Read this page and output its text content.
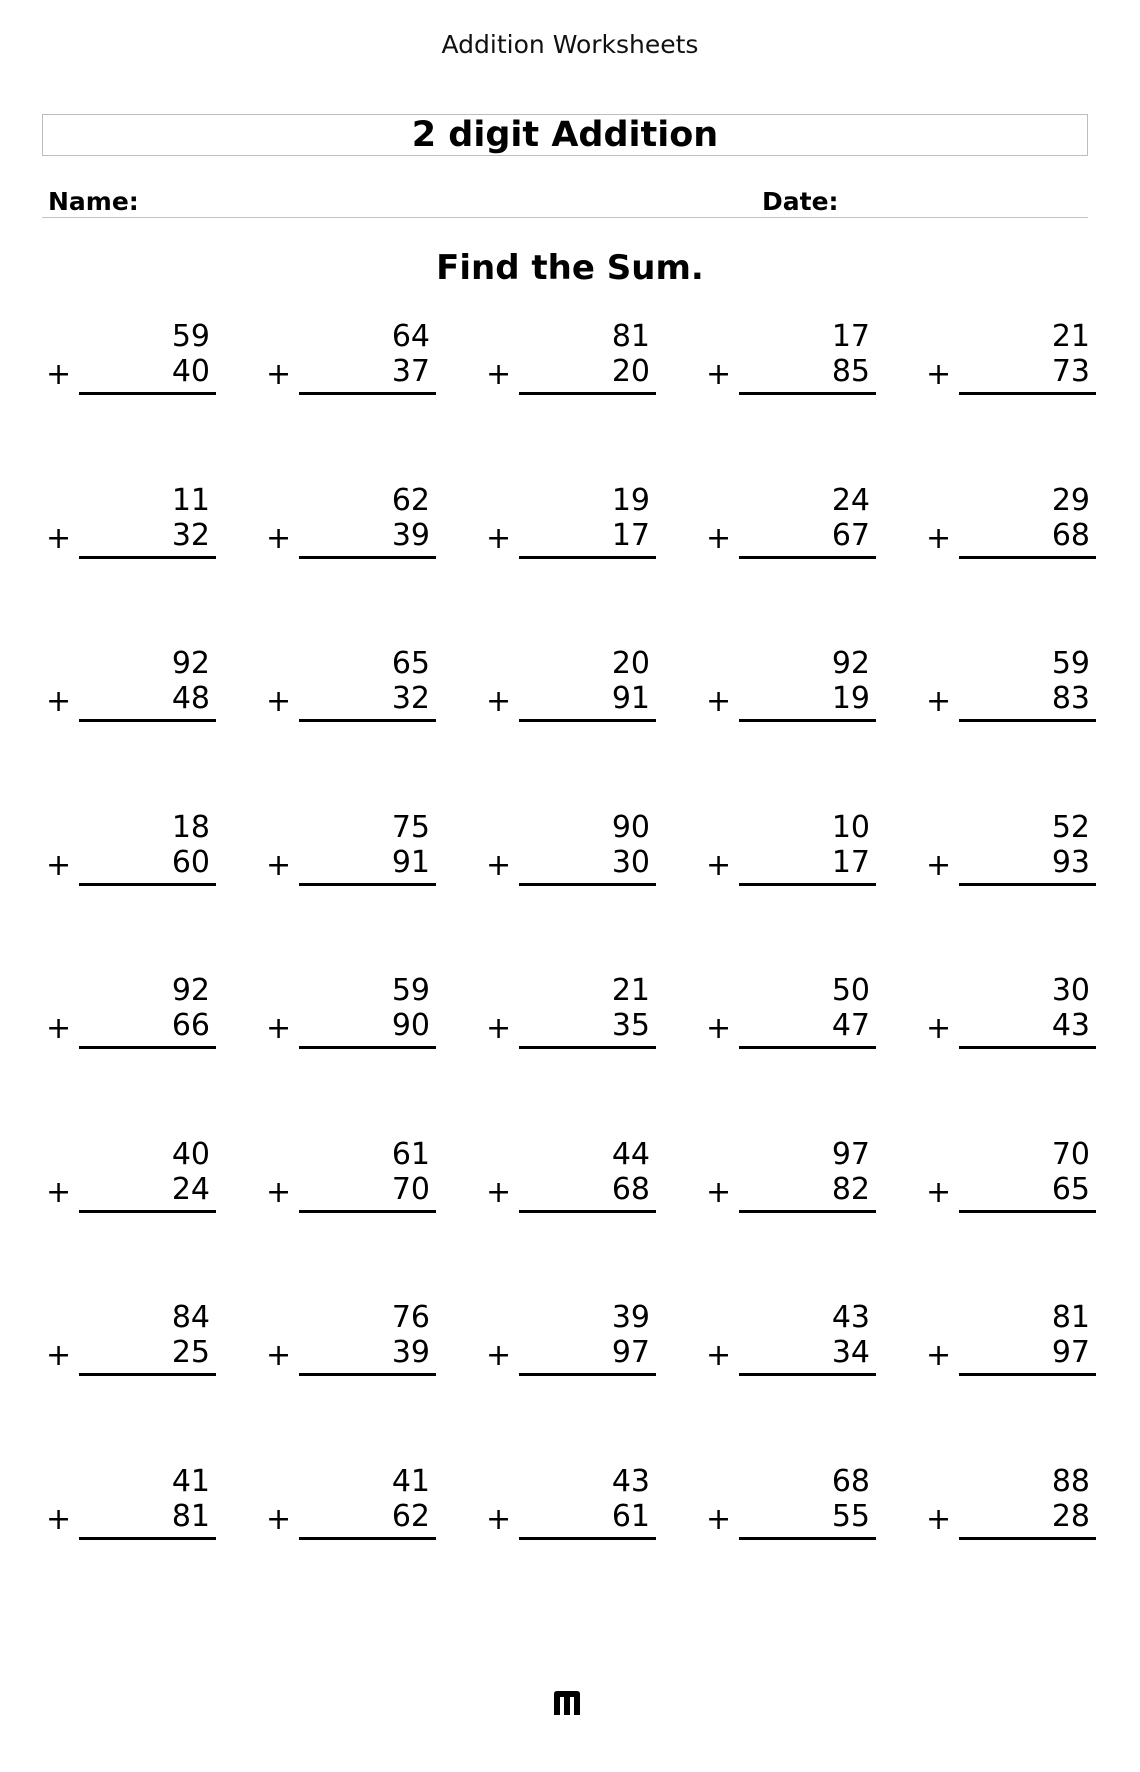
Addition Worksheets
2 digit Addition
Name:	Date:
Find the Sum.
59
40
+
64
37
+
81
20
+
17
85
+
21
73
+
11
32
+
62
39
+
19
17
+
24
67
+
29
68
+
92
48
+
65
32
+
20
91
+
92
19
+
59
83
+
18
60
+
75
91
+
90
30
+
10
17
+
52
93
+
92
66
+
59
90
+
21
35
+
50
47
+
30
43
+
40
24
+
61
70
+
44
68
+
97
82
+
70
65
+
84
25
+
76
39
+
39
97
+
43
34
+
81
97
+
41
81
+
41
62
+
43
61
+
68
55
+
88
28
+
